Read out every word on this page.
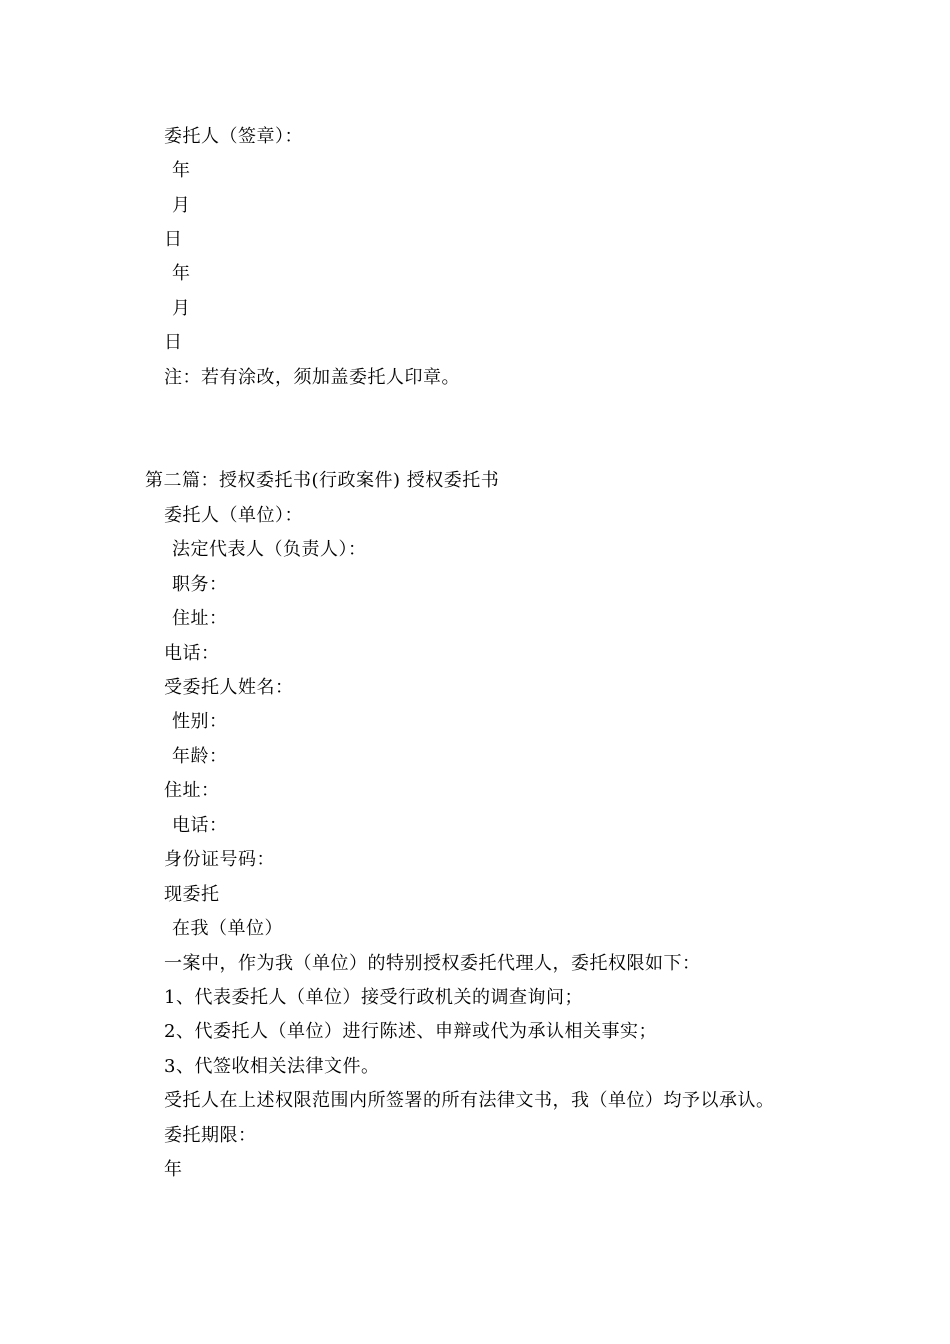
委托人（签章）：
年
月
日
年
月
日
注：若有涂改，须加盖委托人印章。
第二篇：授权委托书(行政案件) 授权委托书
委托人（单位）：
法定代表人（负责人）：
职务：
住址：
电话：
受委托人姓名：
性别：
年龄：
住址：
电话：
身份证号码：
现委托
在我（单位）
一案中，作为我（单位）的特别授权委托代理人，委托权限如下：
1、代表委托人（单位）接受行政机关的调查询问；
2、代委托人（单位）进行陈述、申辩或代为承认相关事实；
3、代签收相关法律文件。
受托人在上述权限范围内所签署的所有法律文书，我（单位）均予以承认。
委托期限：
年
